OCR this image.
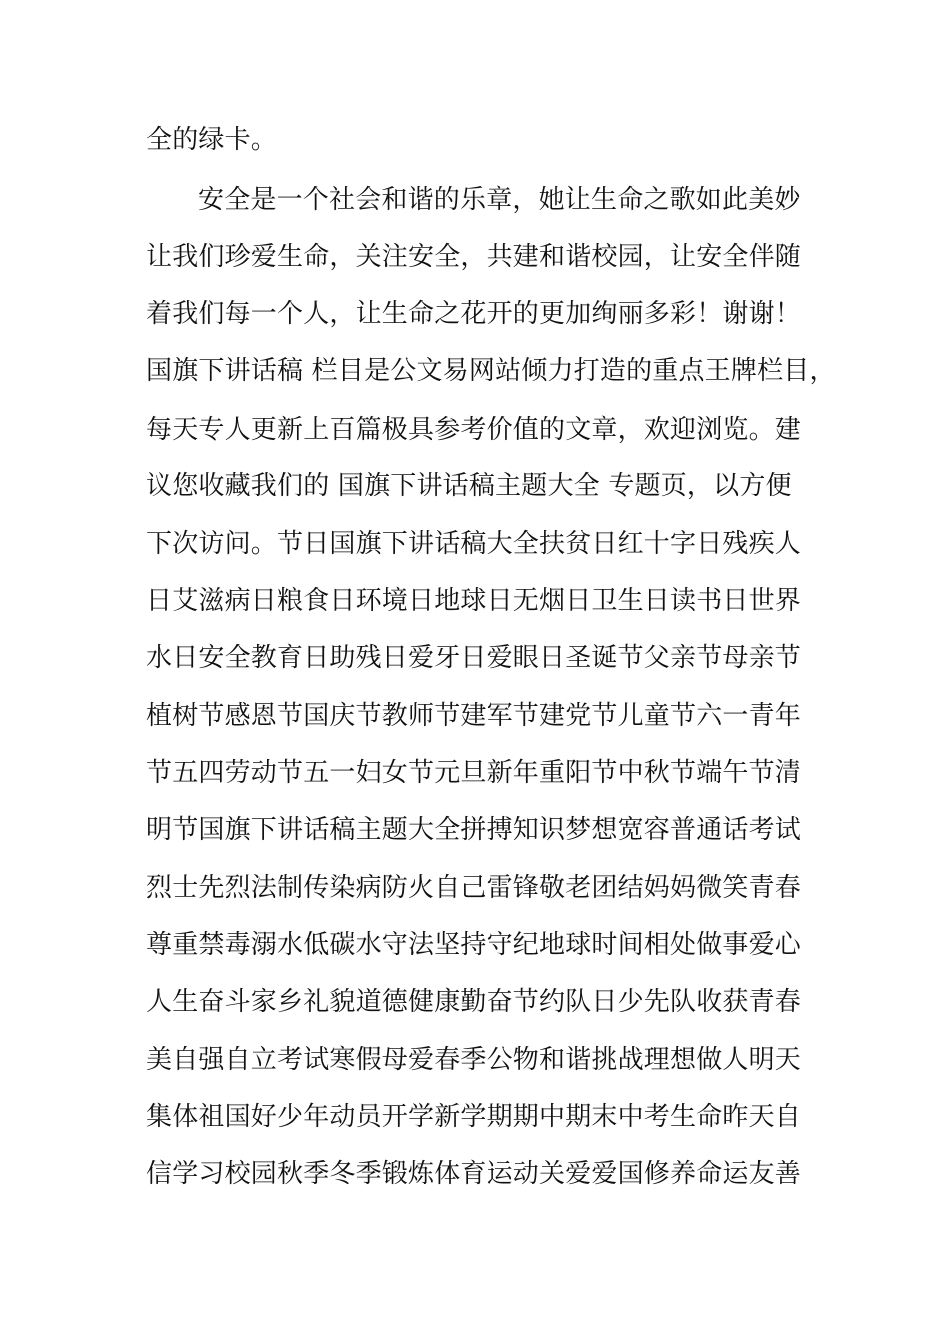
全的绿卡。
安全是一个社会和谐的乐章，她让生命之歌如此美妙
让我们珍爱生命，关注安全，共建和谐校园，让安全伴随
着我们每一个人，让生命之花开的更加绚丽多彩！谢谢！
国旗下讲话稿 栏目是公文易网站倾力打造的重点王牌栏目，
每天专人更新上百篇极具参考价值的文章，欢迎浏览。建
议您收藏我们的 国旗下讲话稿主题大全 专题页，以方便
下次访问。节日国旗下讲话稿大全扶贫日红十字日残疾人
日艾滋病日粮食日环境日地球日无烟日卫生日读书日世界
水日安全教育日助残日爱牙日爱眼日圣诞节父亲节母亲节
植树节感恩节国庆节教师节建军节建党节儿童节六一青年
节五四劳动节五一妇女节元旦新年重阳节中秋节端午节清
明节国旗下讲话稿主题大全拼搏知识梦想宽容普通话考试
烈士先烈法制传染病防火自己雷锋敬老团结妈妈微笑青春
尊重禁毒溺水低碳水守法坚持守纪地球时间相处做事爱心
人生奋斗家乡礼貌道德健康勤奋节约队日少先队收获青春
美自强自立考试寒假母爱春季公物和谐挑战理想做人明天
集体祖国好少年动员开学新学期期中期末中考生命昨天自
信学习校园秋季冬季锻炼体育运动关爱爱国修养命运友善
